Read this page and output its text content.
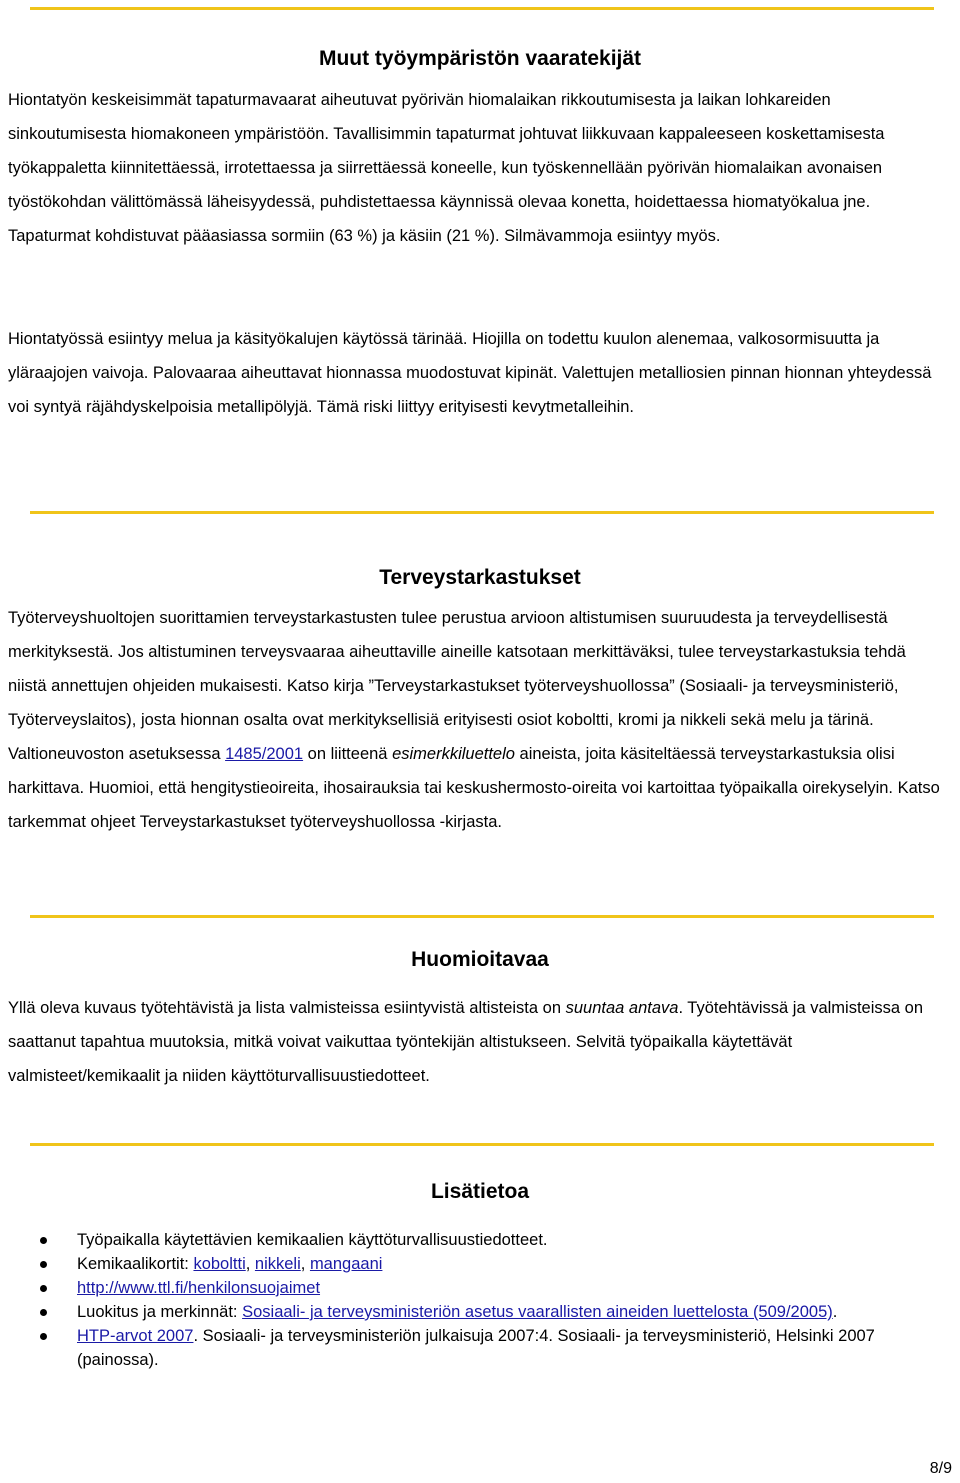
Muut työympäristön vaaratekijät

Hiontatyön keskeisimmät tapaturmavaarat aiheutuvat pyörivän hiomalaikan rikkoutumisesta ja laikan lohkareiden sinkoutumisesta hiomakoneen ympäristöön. Tavallisimmin tapaturmat johtuvat liikkuvaan kappaleeseen koskettamisesta työkappaletta kiinnitettäessä, irrotettaessa ja siirrettäessä koneelle, kun työskennellään pyörivän hiomalaikan avonaisen työstökohdan välittömässä läheisyydessä, puhdistettaessa käynnissä olevaa konetta, hoidettaessa hiomatyökalua jne. Tapaturmat kohdistuvat pääasiassa sormiin (63 %) ja käsiin (21 %). Silmävammoja esiintyy myös.

Hiontatyössä esiintyy melua ja käsityökalujen käytössä tärinää. Hiojilla on todettu kuulon alenemaa, valkosormisuutta ja yläraajojen vaivoja. Palovaaraa aiheuttavat hionnassa muodostuvat kipinät. Valettujen metalliosien pinnan hionnan yhteydessä voi syntyä räjähdyskelpoisia metallipölyjä. Tämä riski liittyy erityisesti kevytmetalleihin.

Terveystarkastukset

Työterveyshuoltojen suorittamien terveystarkastusten tulee perustua arvioon altistumisen suuruudesta ja terveydellisestä merkityksestä. Jos altistuminen terveysvaaraa aiheuttaville aineille katsotaan merkittäväksi, tulee terveystarkastuksia tehdä niistä annettujen ohjeiden mukaisesti. Katso kirja ”Terveystarkastukset työterveyshuollossa” (Sosiaali- ja terveysministeriö, Työterveyslaitos), josta hionnan osalta ovat merkityksellisiä erityisesti osiot koboltti, kromi ja nikkeli sekä melu ja tärinä. Valtioneuvoston asetuksessa 1485/2001 on liitteenä esimerkkiluettelo aineista, joita käsiteltäessä terveystarkastuksia olisi harkittava. Huomioi, että hengitystieoireita, ihosairauksia tai keskushermosto-oireita voi kartoittaa työpaikalla oirekyselyin. Katso tarkemmat ohjeet Terveystarkastukset työterveyshuollossa -kirjasta.

Huomioitavaa

Yllä oleva kuvaus työtehtävistä ja lista valmisteissa esiintyvistä altisteista on suuntaa antava. Työtehtävissä ja valmisteissa on saattanut tapahtua muutoksia, mitkä voivat vaikuttaa työntekijän altistukseen. Selvitä työpaikalla käytettävät valmisteet/kemikaalit ja niiden käyttöturvallisuustiedotteet.

Lisätietoa
Työpaikalla käytettävien kemikaalien käyttöturvallisuustiedotteet.
Kemikaalikortit: koboltti, nikkeli, mangaani
http://www.ttl.fi/henkilonsuojaimet
Luokitus ja merkinnät: Sosiaali- ja terveysministeriön asetus vaarallisten aineiden luettelosta (509/2005).
HTP-arvot 2007. Sosiaali- ja terveysministeriön julkaisuja 2007:4. Sosiaali- ja terveysministeriö, Helsinki 2007 (painossa).
8/9
